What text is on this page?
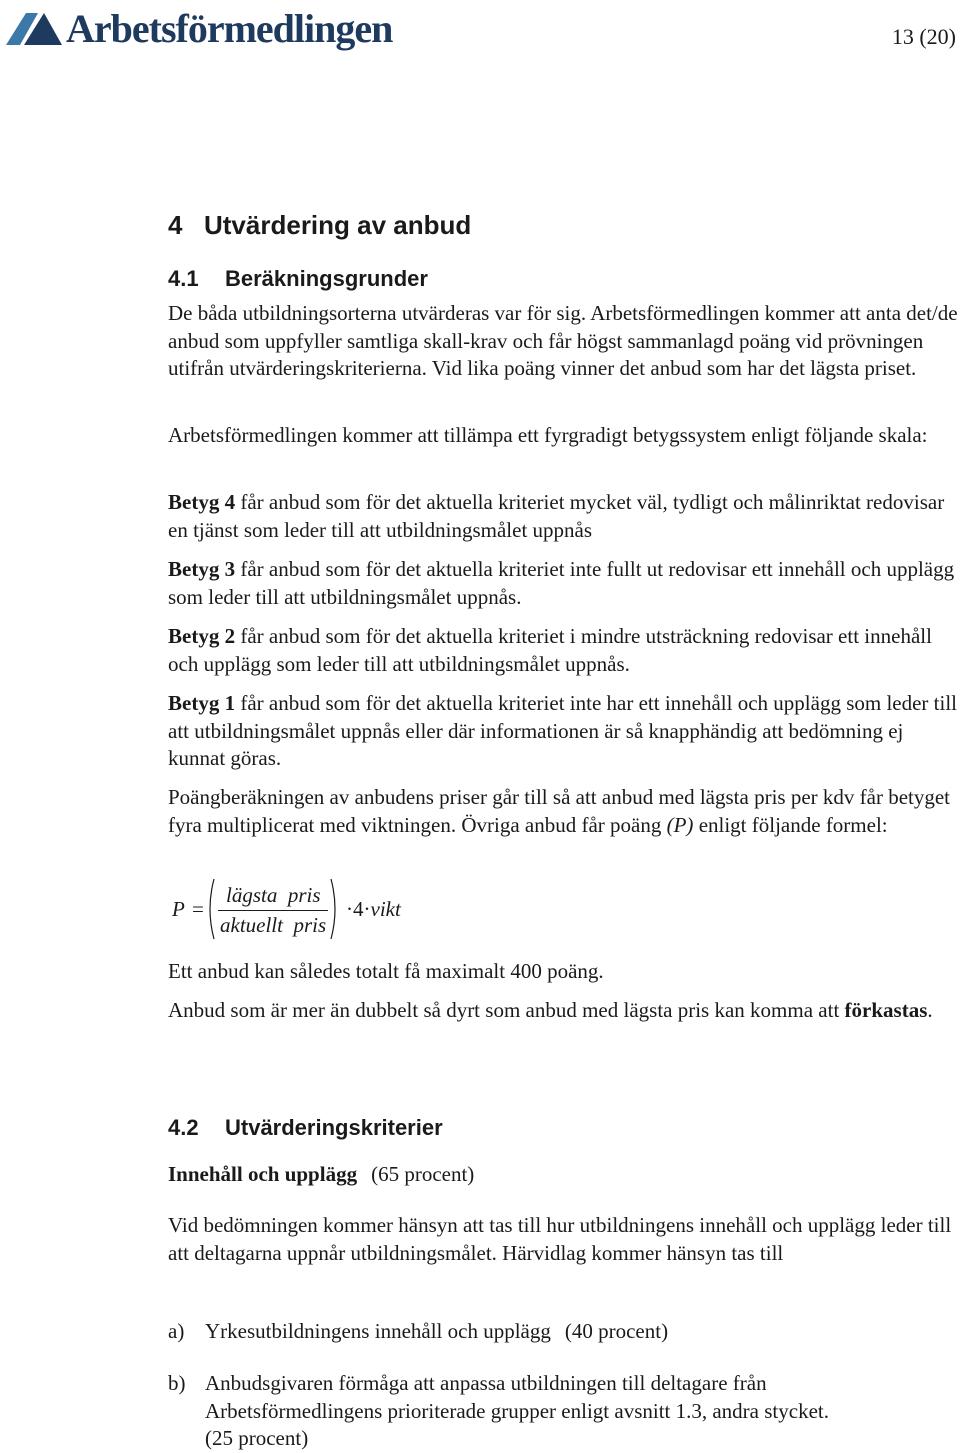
Arbetsförmedlingen	13 (20)
4 Utvärdering av anbud
4.1 Beräkningsgrunder

De båda utbildningsorterna utvärderas var för sig. Arbetsförmedlingen kommer att anta det/de anbud som uppfyller samtliga skall-krav och får högst sammanlagd poäng vid prövningen utifrån utvärderingskriterierna. Vid lika poäng vinner det anbud som har det lägsta priset.

Arbetsförmedlingen kommer att tillämpa ett fyrgradigt betygssystem enligt följande skala:

Betyg 4 får anbud som för det aktuella kriteriet mycket väl, tydligt och målinriktat redovisar en tjänst som leder till att utbildningsmålet uppnås

Betyg 3 får anbud som för det aktuella kriteriet inte fullt ut redovisar ett innehåll och upplägg som leder till att utbildningsmålet uppnås.

Betyg 2 får anbud som för det aktuella kriteriet i mindre utsträckning redovisar ett innehåll och upplägg som leder till att utbildningsmålet uppnås.

Betyg 1 får anbud som för det aktuella kriteriet inte har ett innehåll och upplägg som leder till att utbildningsmålet uppnås eller där informationen är så knapphändig att bedömning ej kunnat göras.

Poängberäkningen av anbudens priser går till så att anbud med lägsta pris per kdv får betyget fyra multiplicerat med viktningen. Övriga anbud får poäng (P) enligt följande formel:

P =
lägsta  pris
aktuellt  pris
·4·vikt

Ett anbud kan således totalt få maximalt 400 poäng.

Anbud som är mer än dubbelt så dyrt som anbud med lägsta pris kan komma att förkastas.

4.2 Utvärderingskriterier

Innehåll och upplägg (65 procent)

Vid bedömningen kommer hänsyn att tas till hur utbildningens innehåll och upplägg leder till att deltagarna uppnår utbildningsmålet. Härvidlag kommer hänsyn tas till

a) Yrkesutbildningens innehåll och upplägg (40 procent)
b) Anbudsgivaren förmåga att anpassa utbildningen till deltagare från Arbetsförmedlingens prioriterade grupper enligt avsnitt 1.3, andra stycket.
(25 procent)
